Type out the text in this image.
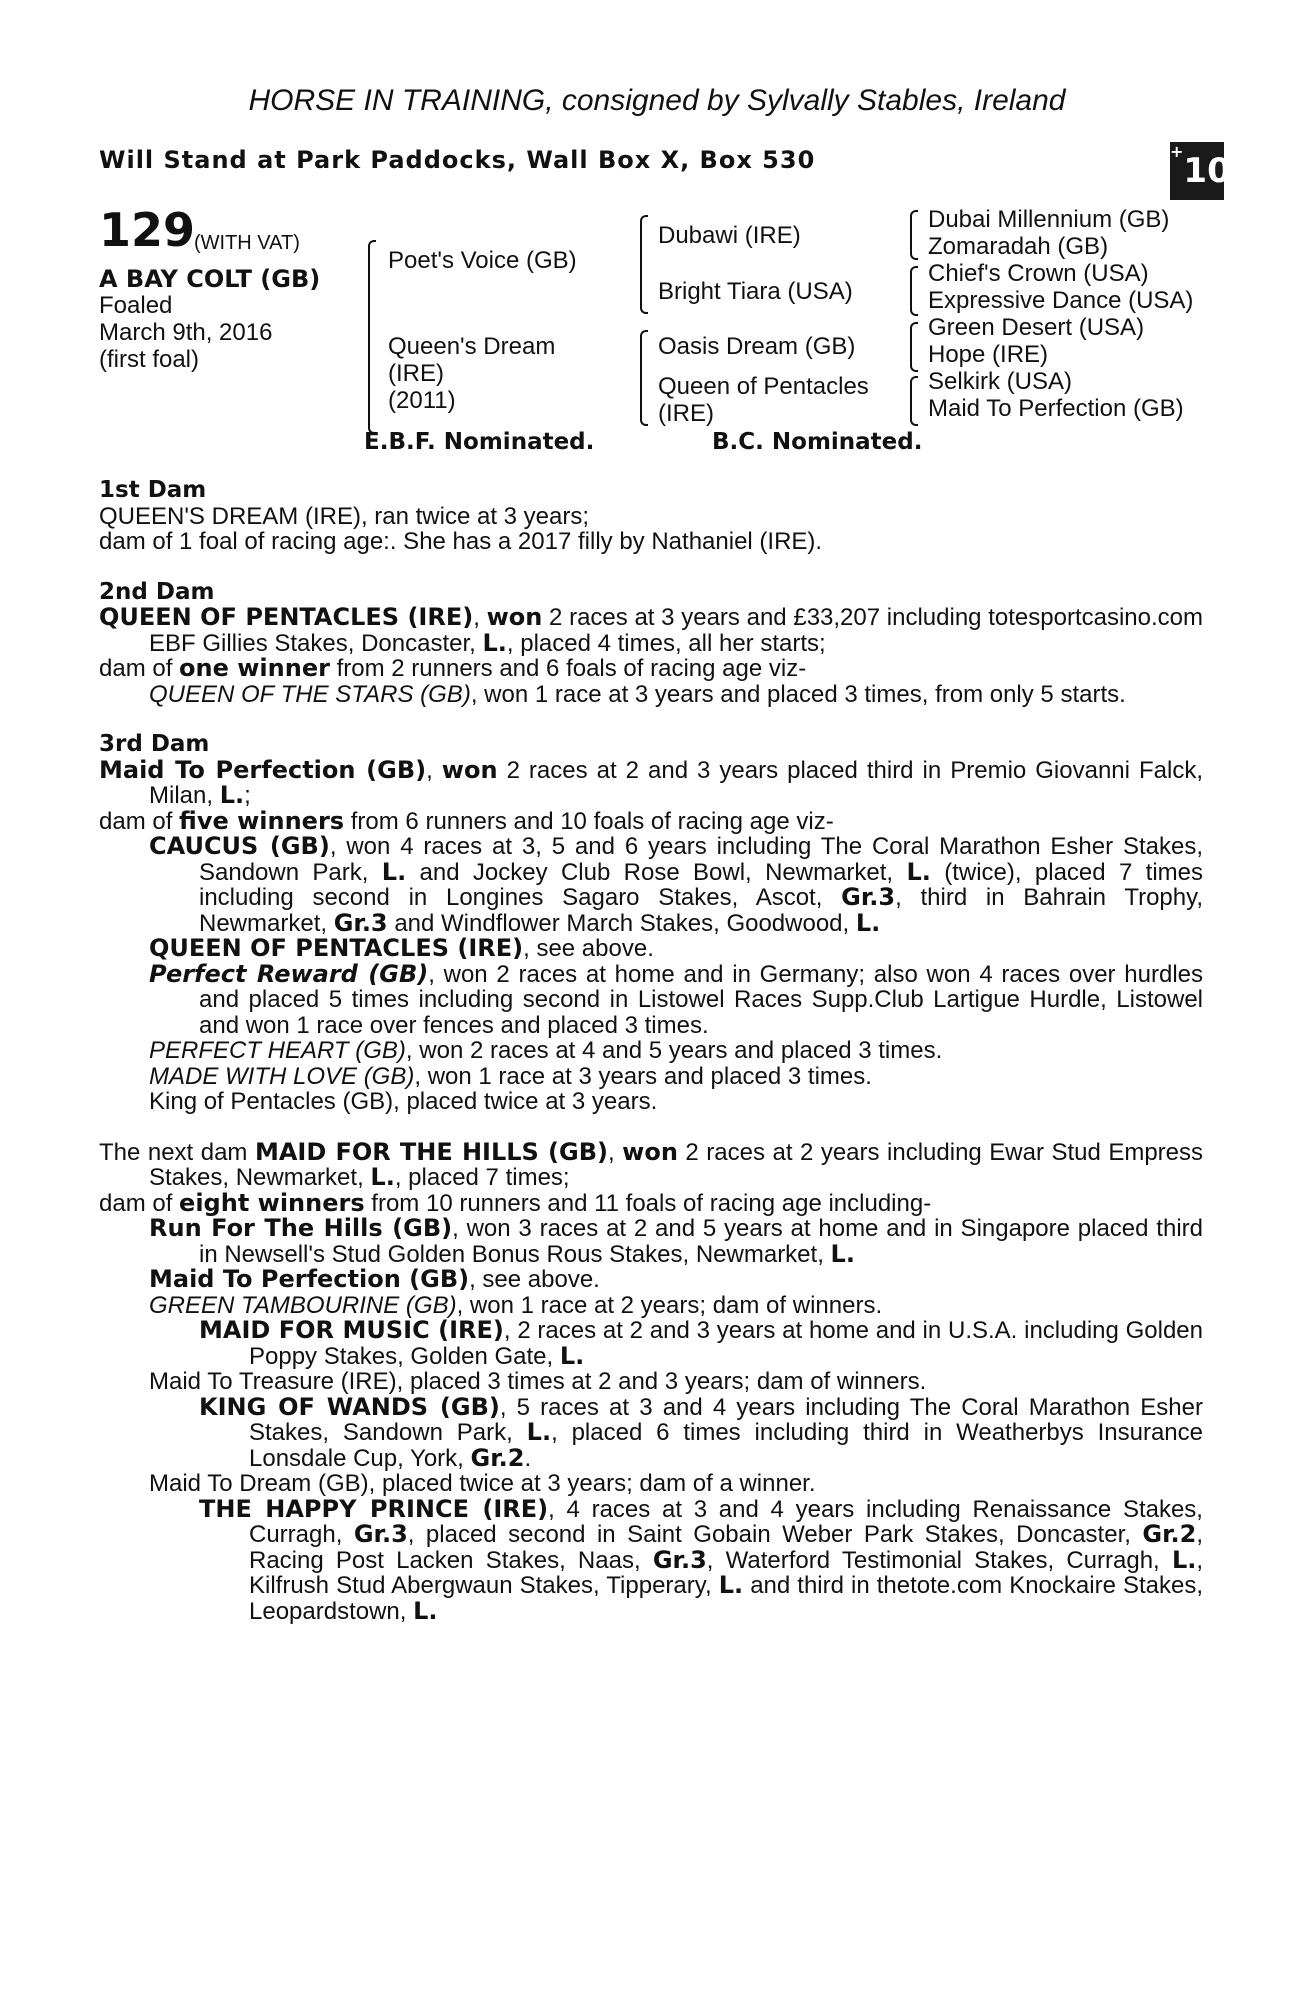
HORSE IN TRAINING, consigned by Sylvally Stables, Ireland
Will Stand at Park Paddocks, Wall Box X, Box 530	+10
129
(WITH VAT)
A BAY COLT (GB)
Foaled
March 9th, 2016
(first foal)
Poet's Voice (GB)
Queen's Dream
(IRE)
(2011)
Dubawi (IRE)
Bright Tiara (USA)
Oasis Dream (GB)
Queen of Pentacles
(IRE)
Dubai Millennium (GB)
Zomaradah (GB)
Chief's Crown (USA)
Expressive Dance (USA)
Green Desert (USA)
Hope (IRE)
Selkirk (USA)
Maid To Perfection (GB)
E.B.F. Nominated.	B.C. Nominated.

1st Dam

QUEEN'S DREAM (IRE), ran twice at 3 years;

dam of 1 foal of racing age:. She has a 2017 filly by Nathaniel (IRE).

2nd Dam

QUEEN OF PENTACLES (IRE), won 2 races at 3 years and £33,207 including totesportcasino.com EBF Gillies Stakes, Doncaster, L., placed 4 times, all her starts;

dam of one winner from 2 runners and 6 foals of racing age viz-

QUEEN OF THE STARS (GB), won 1 race at 3 years and placed 3 times, from only 5 starts.

3rd Dam

Maid To Perfection (GB), won 2 races at 2 and 3 years placed third in Premio Giovanni Falck, Milan, L.;

dam of five winners from 6 runners and 10 foals of racing age viz-

CAUCUS (GB), won 4 races at 3, 5 and 6 years including The Coral Marathon Esher Stakes, Sandown Park, L. and Jockey Club Rose Bowl, Newmarket, L. (twice), placed 7 times including second in Longines Sagaro Stakes, Ascot, Gr.3, third in Bahrain Trophy, Newmarket, Gr.3 and Windflower March Stakes, Goodwood, L.

QUEEN OF PENTACLES (IRE), see above.

Perfect Reward (GB), won 2 races at home and in Germany; also won 4 races over hurdles and placed 5 times including second in Listowel Races Supp.Club Lartigue Hurdle, Listowel and won 1 race over fences and placed 3 times.

PERFECT HEART (GB), won 2 races at 4 and 5 years and placed 3 times.

MADE WITH LOVE (GB), won 1 race at 3 years and placed 3 times.

King of Pentacles (GB), placed twice at 3 years.

The next dam MAID FOR THE HILLS (GB), won 2 races at 2 years including Ewar Stud Empress Stakes, Newmarket, L., placed 7 times;

dam of eight winners from 10 runners and 11 foals of racing age including-

Run For The Hills (GB), won 3 races at 2 and 5 years at home and in Singapore placed third in Newsell's Stud Golden Bonus Rous Stakes, Newmarket, L.

Maid To Perfection (GB), see above.

GREEN TAMBOURINE (GB), won 1 race at 2 years; dam of winners.

MAID FOR MUSIC (IRE), 2 races at 2 and 3 years at home and in U.S.A. including Golden Poppy Stakes, Golden Gate, L.

Maid To Treasure (IRE), placed 3 times at 2 and 3 years; dam of winners.

KING OF WANDS (GB), 5 races at 3 and 4 years including The Coral Marathon Esher Stakes, Sandown Park, L., placed 6 times including third in Weatherbys Insurance Lonsdale Cup, York, Gr.2.

Maid To Dream (GB), placed twice at 3 years; dam of a winner.

THE HAPPY PRINCE (IRE), 4 races at 3 and 4 years including Renaissance Stakes, Curragh, Gr.3, placed second in Saint Gobain Weber Park Stakes, Doncaster, Gr.2, Racing Post Lacken Stakes, Naas, Gr.3, Waterford Testimonial Stakes, Curragh, L., Kilfrush Stud Abergwaun Stakes, Tipperary, L. and third in thetote.com Knockaire Stakes, Leopardstown, L.
